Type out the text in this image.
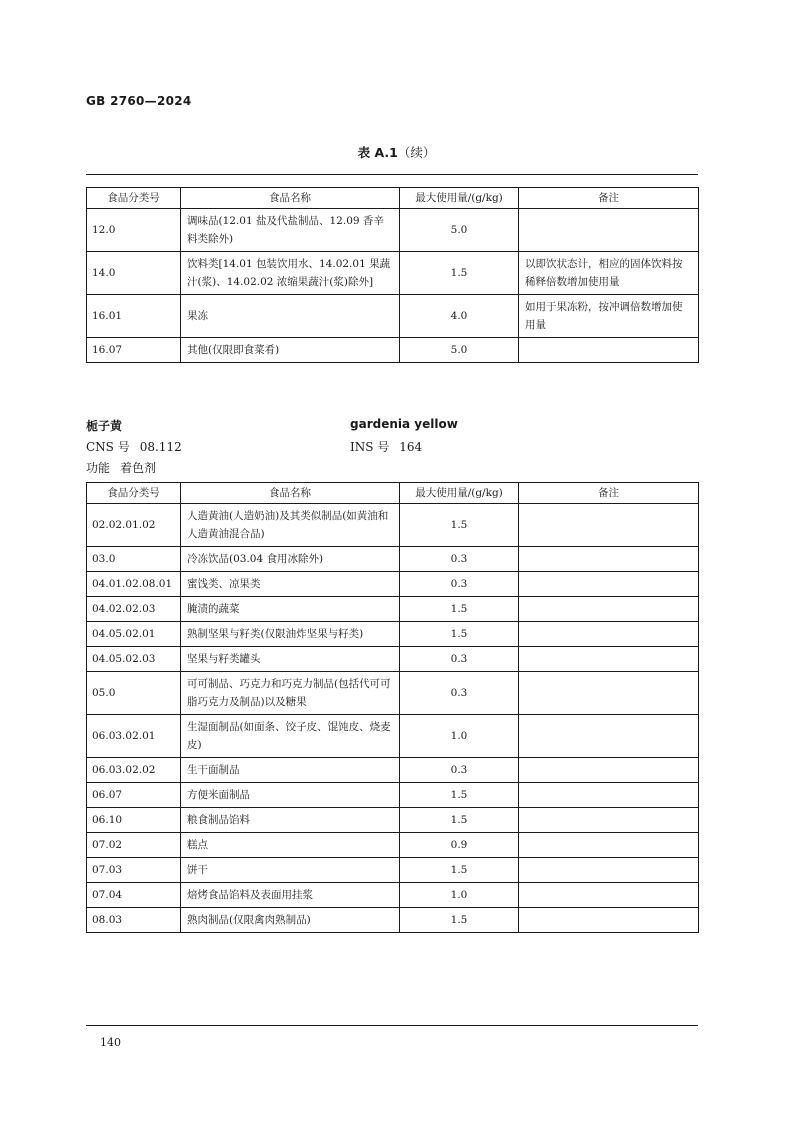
GB 2760—2024
表 A.1（续）
食品分类号	食品名称	最大使用量/(g/kg)	备注
12.0	调味品(12.01 盐及代盐制品、12.09 香辛料类除外)	5.0	
14.0	饮料类[14.01 包装饮用水、14.02.01 果蔬汁(浆)、14.02.02 浓缩果蔬汁(浆)除外]	1.5	以即饮状态计，相应的固体饮料按稀释倍数增加使用量
16.01	果冻	4.0	如用于果冻粉，按冲调倍数增加使用量
16.07	其他(仅限即食菜肴)	5.0	
栀子黄	gardenia yellow
CNS 号 08.112	INS 号 164
功能 着色剂
食品分类号	食品名称	最大使用量/(g/kg)	备注
02.02.01.02	人造黄油(人造奶油)及其类似制品(如黄油和人造黄油混合品)	1.5	
03.0	冷冻饮品(03.04 食用冰除外)	0.3	
04.01.02.08.01	蜜饯类、凉果类	0.3	
04.02.02.03	腌渍的蔬菜	1.5	
04.05.02.01	熟制坚果与籽类(仅限油炸坚果与籽类)	1.5	
04.05.02.03	坚果与籽类罐头	0.3	
05.0	可可制品、巧克力和巧克力制品(包括代可可脂巧克力及制品)以及糖果	0.3	
06.03.02.01	生湿面制品(如面条、饺子皮、馄饨皮、烧麦皮)	1.0	
06.03.02.02	生干面制品	0.3	
06.07	方便米面制品	1.5	
06.10	粮食制品馅料	1.5	
07.02	糕点	0.9	
07.03	饼干	1.5	
07.04	焙烤食品馅料及表面用挂浆	1.0	
08.03	熟肉制品(仅限禽肉熟制品)	1.5	
140
